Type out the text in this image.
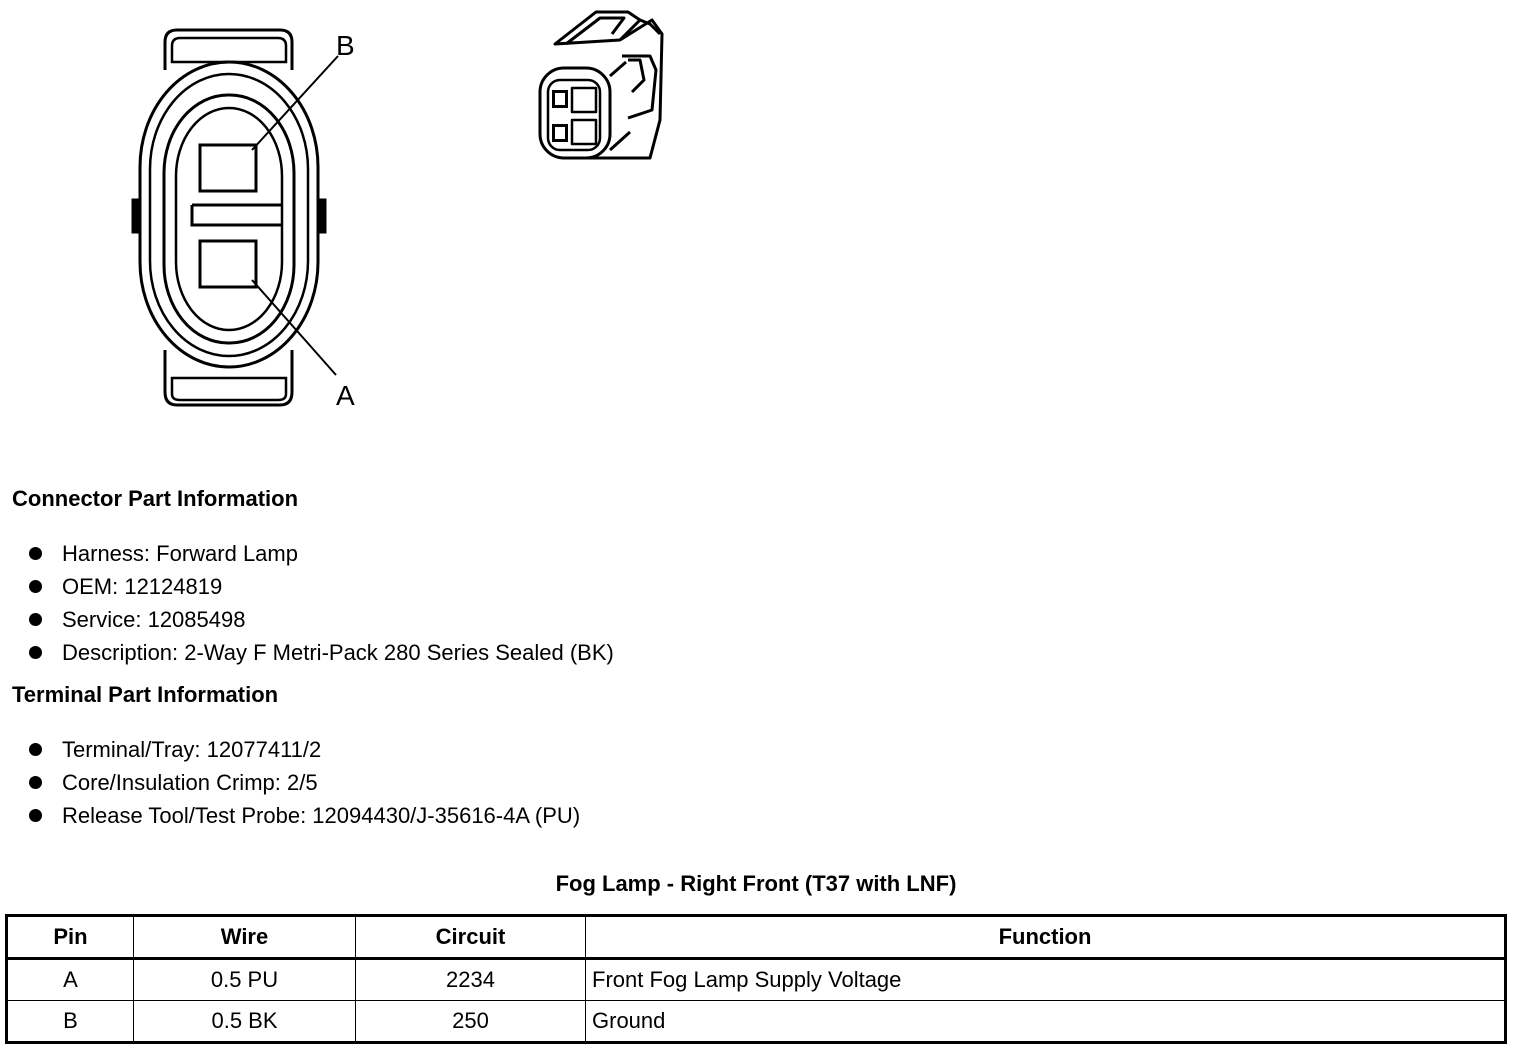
B
A
Connector Part Information
Harness: Forward Lamp
OEM: 12124819
Service: 12085498
Description: 2-Way F Metri-Pack 280 Series Sealed (BK)
Terminal Part Information
Terminal/Tray: 12077411/2
Core/Insulation Crimp: 2/5
Release Tool/Test Probe: 12094430/J-35616-4A (PU)
Fog Lamp - Right Front (T37 with LNF)
Pin	Wire	Circuit	Function
A	0.5 PU	2234	Front Fog Lamp Supply Voltage
B	0.5 BK	250	Ground
